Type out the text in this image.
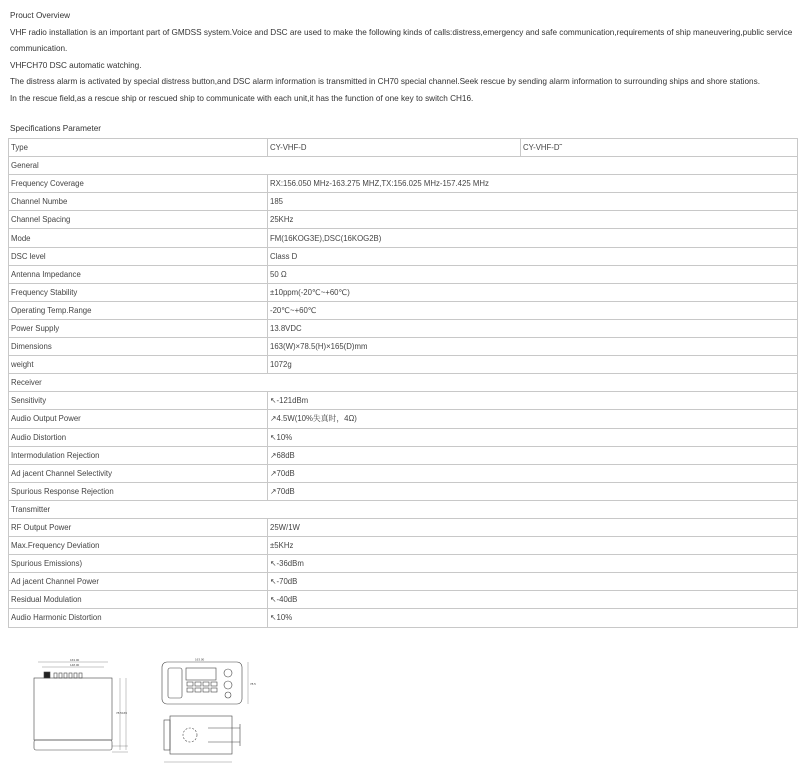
Prouct Overview

VHF radio installation is an important part of GMDSS system.Voice and DSC are used to make the following kinds of calls:distress,emergency and safe communication,requirements of ship maneuvering,public service communication.

VHFCH70 DSC automatic watching.

The distress alarm is activated by special distress button,and DSC alarm information is transmitted in CH70 special channel.Seek rescue by sending alarm information to surrounding ships and shore stations.

In the rescue field,as a rescue ship or rescued ship to communicate with each unit,it has the function of one key to switch CH16.

Specifications Parameter
Type	CY-VHF-D	CY-VHF-D˜
General		
Frequency Coverage	RX:156.050 MHz-163.275 MHZ,TX:156.025 MHz-157.425 MHz	
Channel Numbe	185	
Channel Spacing	25KHz	
Mode	FM(16KOG3E),DSC(16KOG2B)	
DSC level	Class D	
Antenna Impedance	50 Ω	
Frequency Stability	±10ppm(-20℃~+60℃)	
Operating Temp.Range	-20℃~+60℃	
Power Supply	13.8VDC	
Dimensions	163(W)×78.5(H)×165(D)mm	
weight	1072g	
Receiver		
Sensitivity	↖-121dBm	
Audio Output Power	↗4.5W(10%失真时，4Ω)	
Audio Distortion	↖10%	
Intermodulation Rejection	↗68dB	
Ad jacent Channel Selectivity	↗70dB	
Spurious Response Rejection	↗70dB	
Transmitter		
RF Output Power	25W/1W	
Max.Frequency Deviation	±5KHz	
Spurious Emissions)	↖-36dBm	
Ad jacent Channel Power	↖-70dB	
Residual Modulation	↖-40dB	
Audio Harmonic Distortion	↖10%	
163.00
148.00
78.5 165
163.00
78.5
